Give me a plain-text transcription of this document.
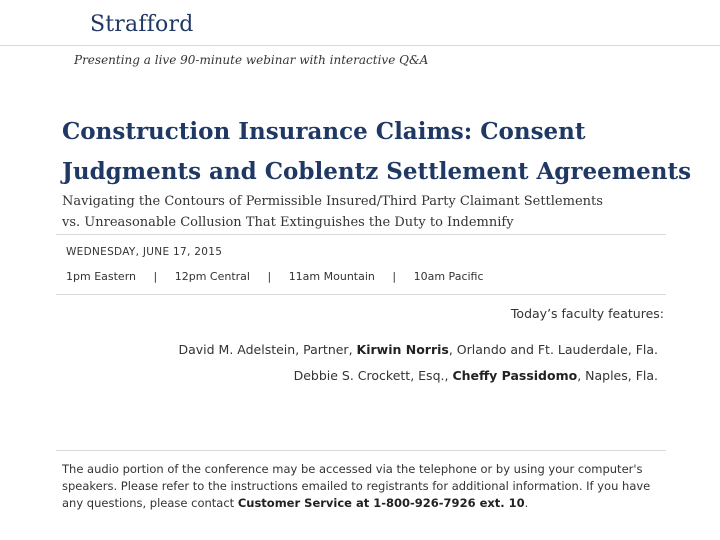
Strafford
Presenting a live 90-minute webinar with interactive Q&A
Construction Insurance Claims: Consent
Judgments and Coblentz Settlement Agreements

Navigating the Contours of Permissible Insured/Third Party Claimant Settlements
vs. Unreasonable Collusion That Extinguishes the Duty to Indemnify

WEDNESDAY, JUNE 17, 2015
1pm Eastern | 12pm Central | 11am Mountain | 10am Pacific
Today’s faculty features:
David M. Adelstein, Partner, Kirwin Norris, Orlando and Ft. Lauderdale, Fla.
Debbie S. Crockett, Esq., Cheffy Passidomo, Naples, Fla.

The audio portion of the conference may be accessed via the telephone or by using your computer's speakers. Please refer to the instructions emailed to registrants for additional information. If you have any questions, please contact Customer Service at 1-800-926-7926 ext. 10.
